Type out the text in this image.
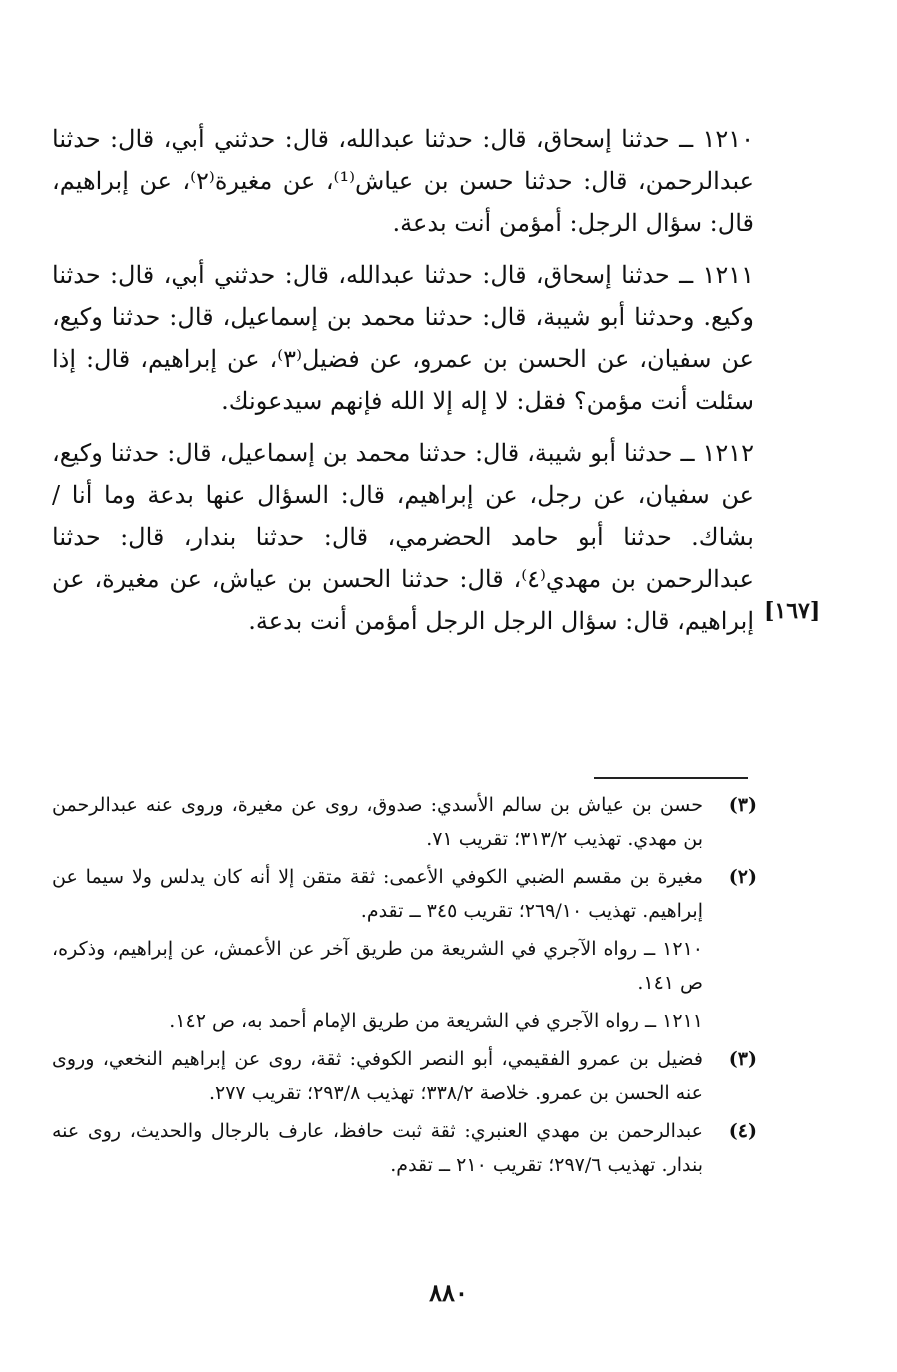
١٢١٠ ــ حدثنا إسحاق، قال: حدثنا عبدالله، قال: حدثني أبي، قال: حدثنا عبدالرحمن، قال: حدثنا حسن بن عياش⁽¹⁾، عن مغيرة⁽٢⁾، عن إبراهيم، قال: سؤال الرجل: أمؤمن أنت بدعة.

١٢١١ ــ حدثنا إسحاق، قال: حدثنا عبدالله، قال: حدثني أبي، قال: حدثنا وكيع. وحدثنا أبو شيبة، قال: حدثنا محمد بن إسماعيل، قال: حدثنا وكيع، عن سفيان، عن الحسن بن عمرو، عن فضيل⁽٣⁾، عن إبراهيم، قال: إذا سئلت أنت مؤمن؟ فقل: لا إله إلا الله فإنهم سيدعونك.

١٢١٢ ــ حدثنا أبو شيبة، قال: حدثنا محمد بن إسماعيل، قال: حدثنا وكيع، عن سفيان، عن رجل، عن إبراهيم، قال: السؤال عنها بدعة وما أنا / بشاك. حدثنا أبو حامد الحضرمي، قال: حدثنا بندار، قال: حدثنا عبدالرحمن بن مهدي⁽٤⁾، قال: حدثنا الحسن بن عياش، عن مغيرة، عن إبراهيم، قال: سؤال الرجل الرجل أمؤمن أنت بدعة. [١٦٧]
(٣)
حسن بن عياش بن سالم الأسدي: صدوق، روى عن مغيرة، وروى عنه عبدالرحمن بن مهدي. تهذيب ٣١٣/٢؛ تقريب ٧١.
(٢)
مغيرة بن مقسم الضبي الكوفي الأعمى: ثقة متقن إلا أنه كان يدلس ولا سيما عن إبراهيم. تهذيب ٢٦٩/١٠؛ تقريب ٣٤٥ ــ تقدم.
١٢١٠ ــ رواه الآجري في الشريعة من طريق آخر عن الأعمش، عن إبراهيم، وذكره، ص ١٤١.
١٢١١ ــ رواه الآجري في الشريعة من طريق الإمام أحمد به، ص ١٤٢.
(٣)
فضيل بن عمرو الفقيمي، أبو النصر الكوفي: ثقة، روى عن إبراهيم النخعي، وروى عنه الحسن بن عمرو. خلاصة ٣٣٨/٢؛ تهذيب ٢٩٣/٨؛ تقريب ٢٧٧.
(٤)
عبدالرحمن بن مهدي العنبري: ثقة ثبت حافظ، عارف بالرجال والحديث، روى عنه بندار. تهذيب ٢٩٧/٦؛ تقريب ٢١٠ ــ تقدم.
٨٨٠
